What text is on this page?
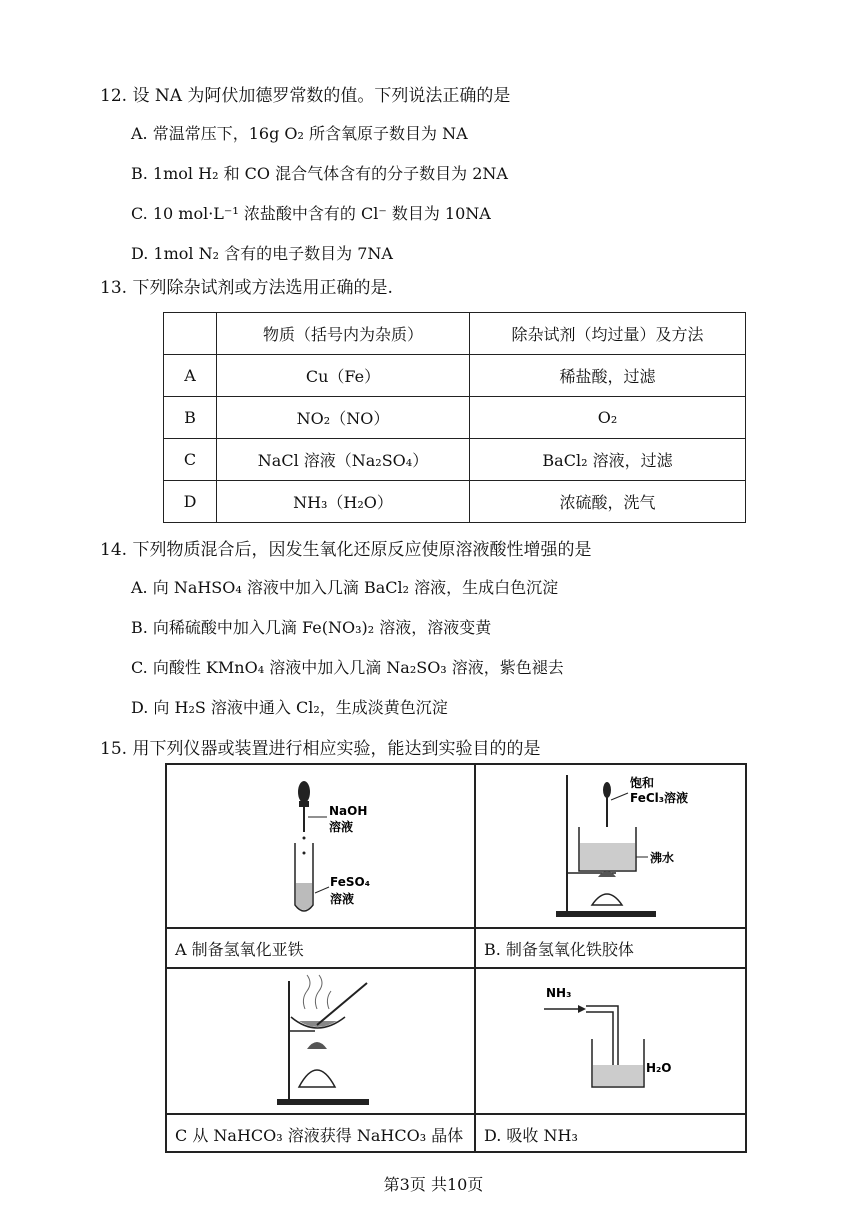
12. 设 NA 为阿伏加德罗常数的值。下列说法正确的是
A. 常温常压下，16g O₂ 所含氧原子数目为 NA
B. 1mol H₂ 和 CO 混合气体含有的分子数目为 2NA
C. 10 mol·L⁻¹ 浓盐酸中含有的 Cl⁻ 数目为 10NA
D. 1mol N₂ 含有的电子数目为 7NA
13. 下列除杂试剂或方法选用正确的是.
	物质（括号内为杂质）	除杂试剂（均过量）及方法
A	Cu（Fe）	稀盐酸，过滤
B	NO₂（NO）	O₂
C	NaCl 溶液（Na₂SO₄）	BaCl₂ 溶液，过滤
D	NH₃（H₂O）	浓硫酸，洗气
14. 下列物质混合后，因发生氧化还原反应使原溶液酸性增强的是
A. 向 NaHSO₄ 溶液中加入几滴 BaCl₂ 溶液，生成白色沉淀
B. 向稀硫酸中加入几滴 Fe(NO₃)₂ 溶液，溶液变黄
C. 向酸性 KMnO₄ 溶液中加入几滴 Na₂SO₃ 溶液，紫色褪去
D. 向 H₂S 溶液中通入 Cl₂，生成淡黄色沉淀
15. 用下列仪器或装置进行相应实验，能达到实验目的的是
NaOH
溶液
FeSO₄
溶液
饱和
FeCl₃溶液
沸水
NH₃
H₂O
A 制备氢氧化亚铁	B. 制备氢氧化铁胶体
C 从 NaHCO₃ 溶液获得 NaHCO₃ 晶体 D. 吸收 NH₃
第3页 共10页
